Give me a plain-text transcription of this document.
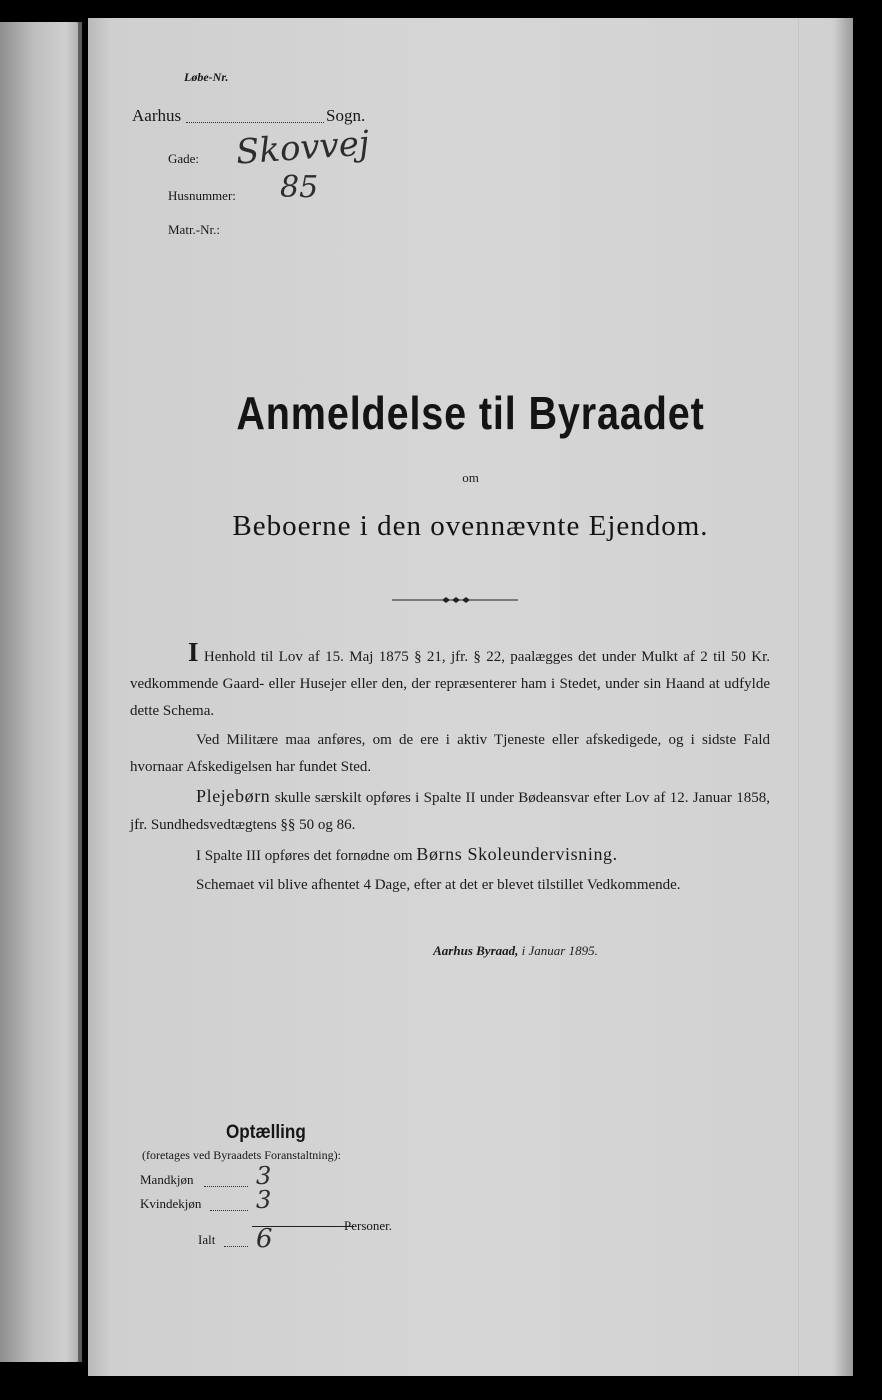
Løbe-Nr.
Aarhus	Sogn.
Gade: Skovvej
Husnummer: 85
Matr.-Nr.:
Anmeldelse til Byraadet
om
Beboerne i den ovennævnte Ejendom.

I Henhold til Lov af 15. Maj 1875 § 21, jfr. § 22, paalægges det under Mulkt af 2 til 50 Kr. vedkommende Gaard- eller Husejer eller den, der repræsenterer ham i Stedet, under sin Haand at udfylde dette Schema.

Ved Militære maa anføres, om de ere i aktiv Tjeneste eller afskedigede, og i sidste Fald hvornaar Afskedigelsen har fundet Sted.

Plejebørn skulle særskilt opføres i Spalte II under Bødeansvar efter Lov af 12. Januar 1858, jfr. Sundhedsvedtægtens §§ 50 og 86.

I Spalte III opføres det fornødne om Børns Skoleundervisning.

Schemaet vil blive afhentet 4 Dage, efter at det er blevet tilstillet Vedkommende.

Aarhus Byraad, i Januar 1895.
Optælling
(foretages ved Byraadets Foranstaltning):
Mandkjøn	3
Kvindekjøn 3
Ialt 6	Personer.
